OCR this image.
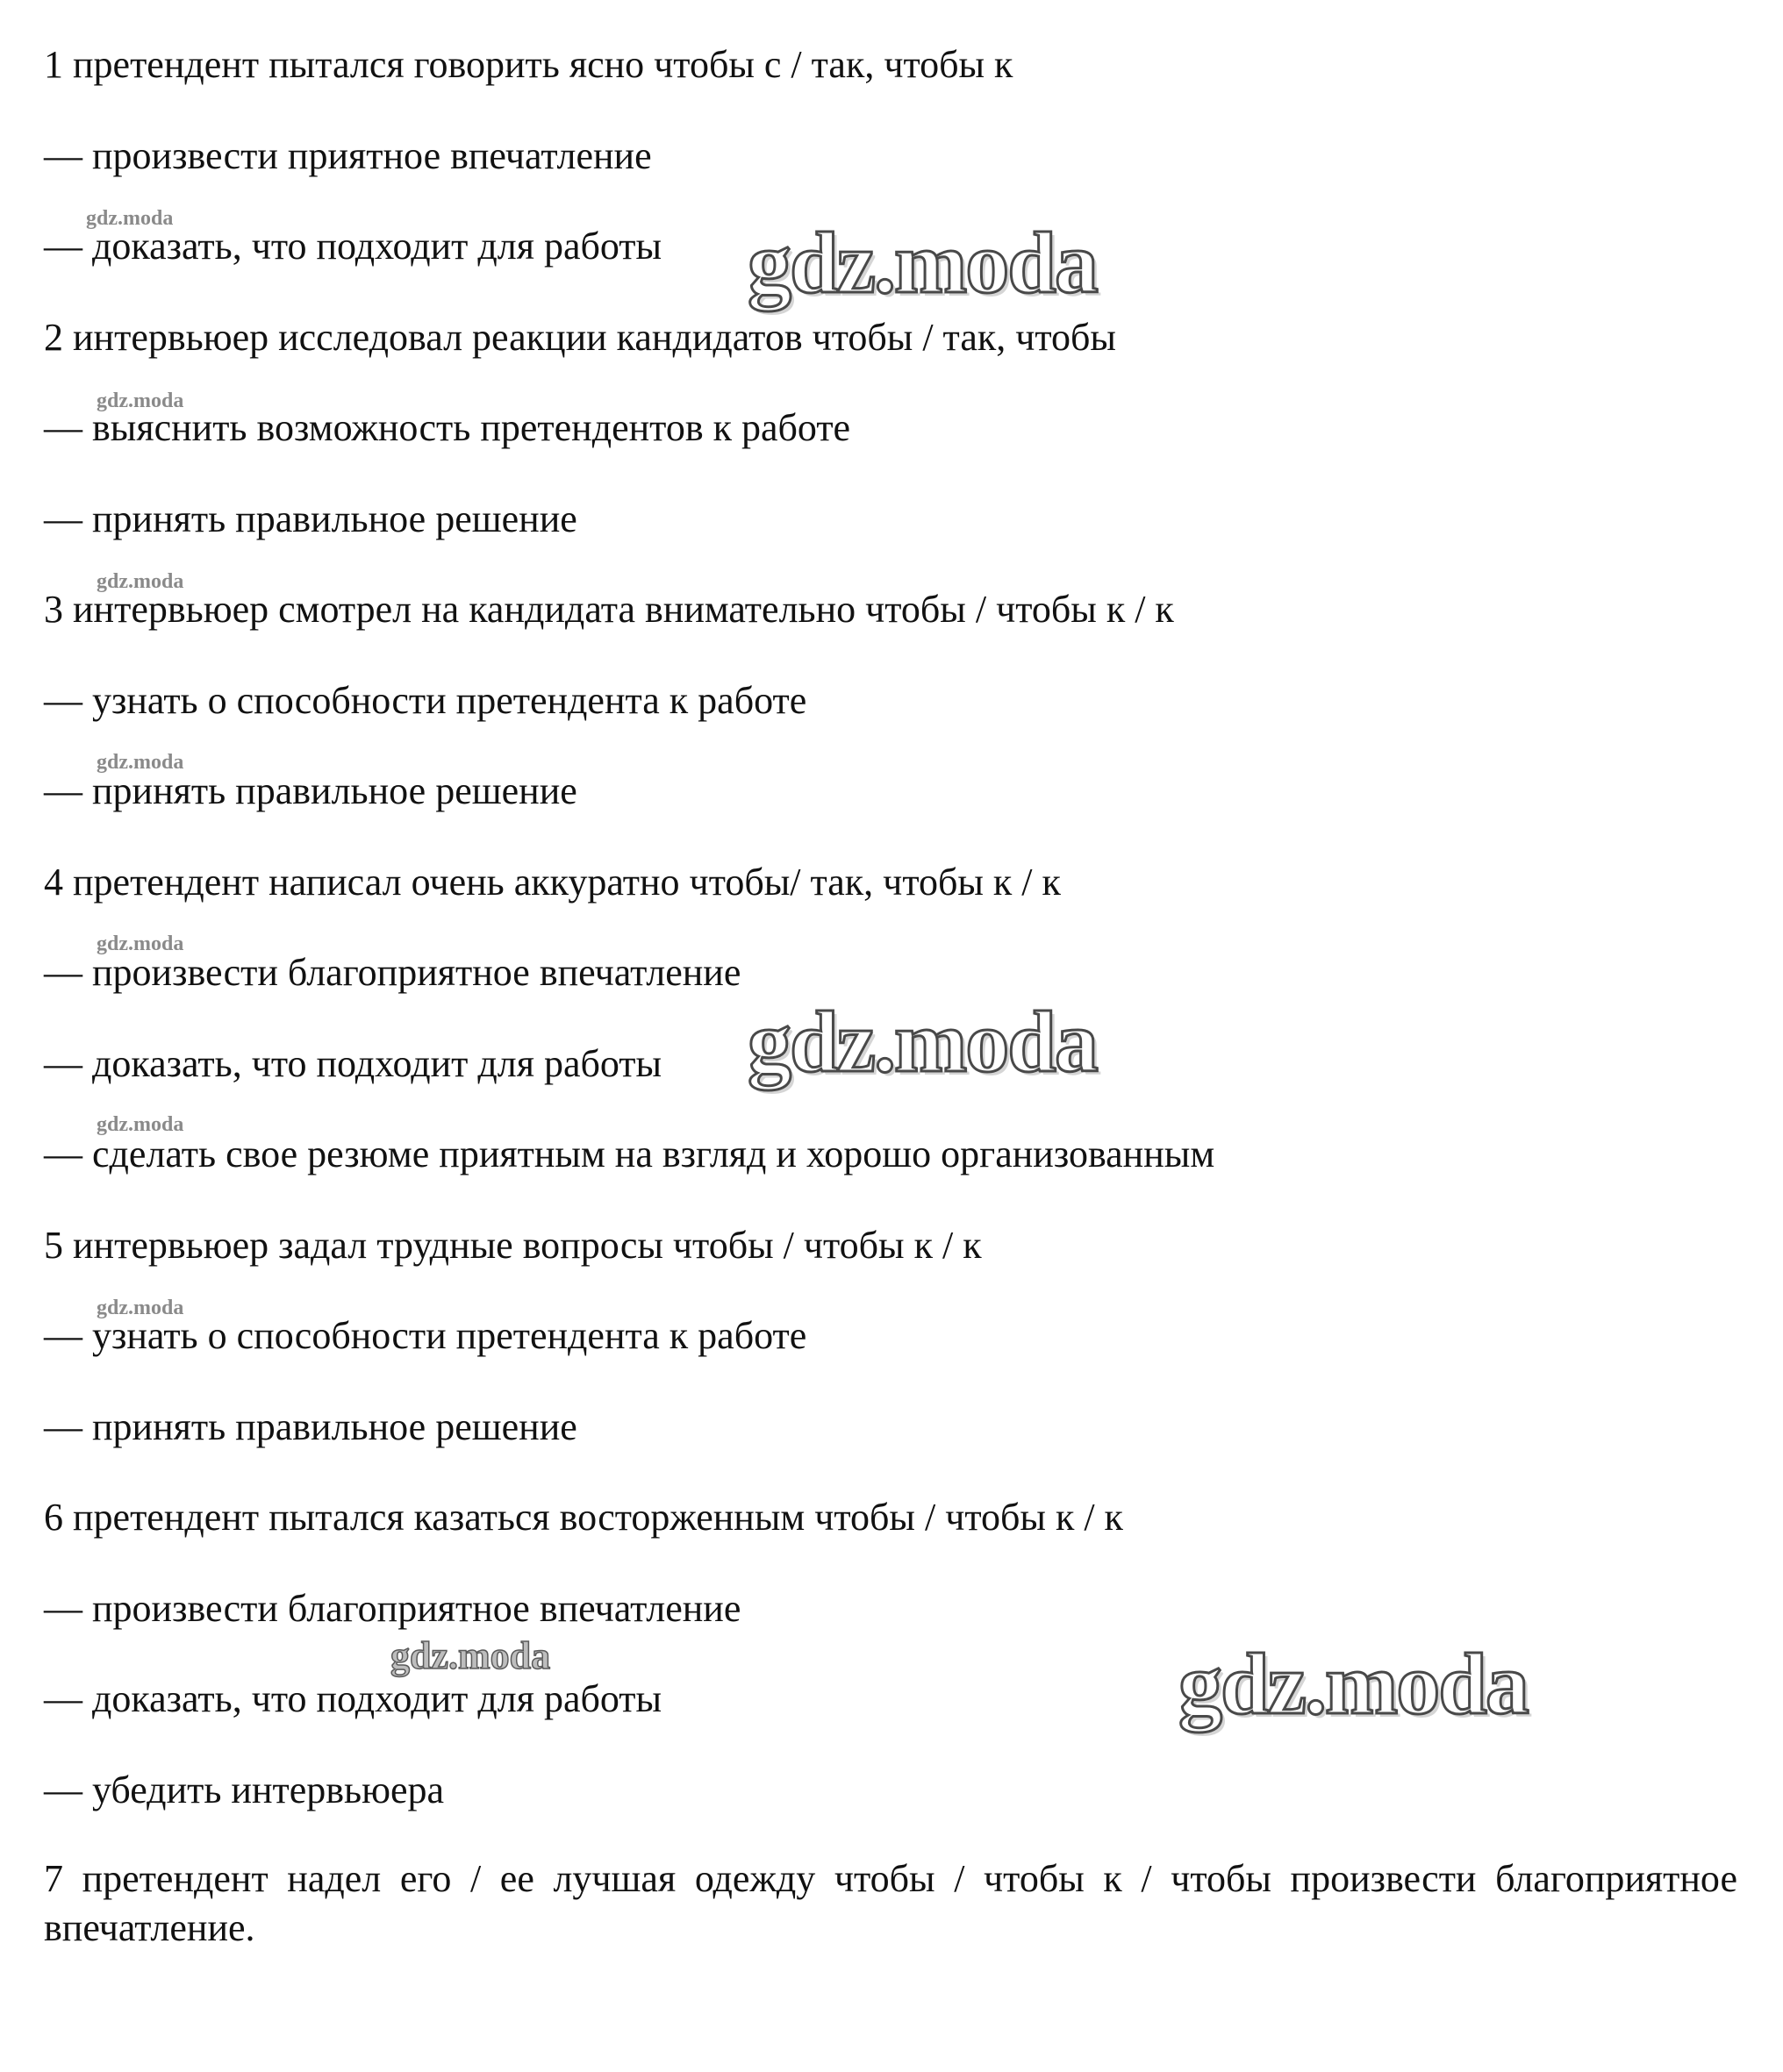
1 претендент пытался говорить ясно чтобы с / так, чтобы к
— произвести приятное впечатление
— доказать, что подходит для работы
2 интервьюер исследовал реакции кандидатов чтобы / так, чтобы
— выяснить возможность претендентов к работе
— принять правильное решение
3 интервьюер смотрел на кандидата внимательно чтобы / чтобы к / к
— узнать о способности претендента к работе
— принять правильное решение
4 претендент написал очень аккуратно чтобы/ так, чтобы к / к
— произвести благоприятное впечатление
— доказать, что подходит для работы
— сделать свое резюме приятным на взгляд и хорошо организованным
5 интервьюер задал трудные вопросы чтобы / чтобы к / к
— узнать о способности претендента к работе
— принять правильное решение
6 претендент пытался казаться восторженным чтобы / чтобы к / к
— произвести благоприятное впечатление
— доказать, что подходит для работы
— убедить интервьюера
7 претендент надел его / ее лучшая одежду чтобы / чтобы к / чтобы произвести благоприятное впечатление.
gdz.moda
gdz.moda
gdz.moda
gdz.moda
gdz.moda
gdz.moda
gdz.moda
gdz.moda
gdz.moda
gdz.moda
gdz.moda
